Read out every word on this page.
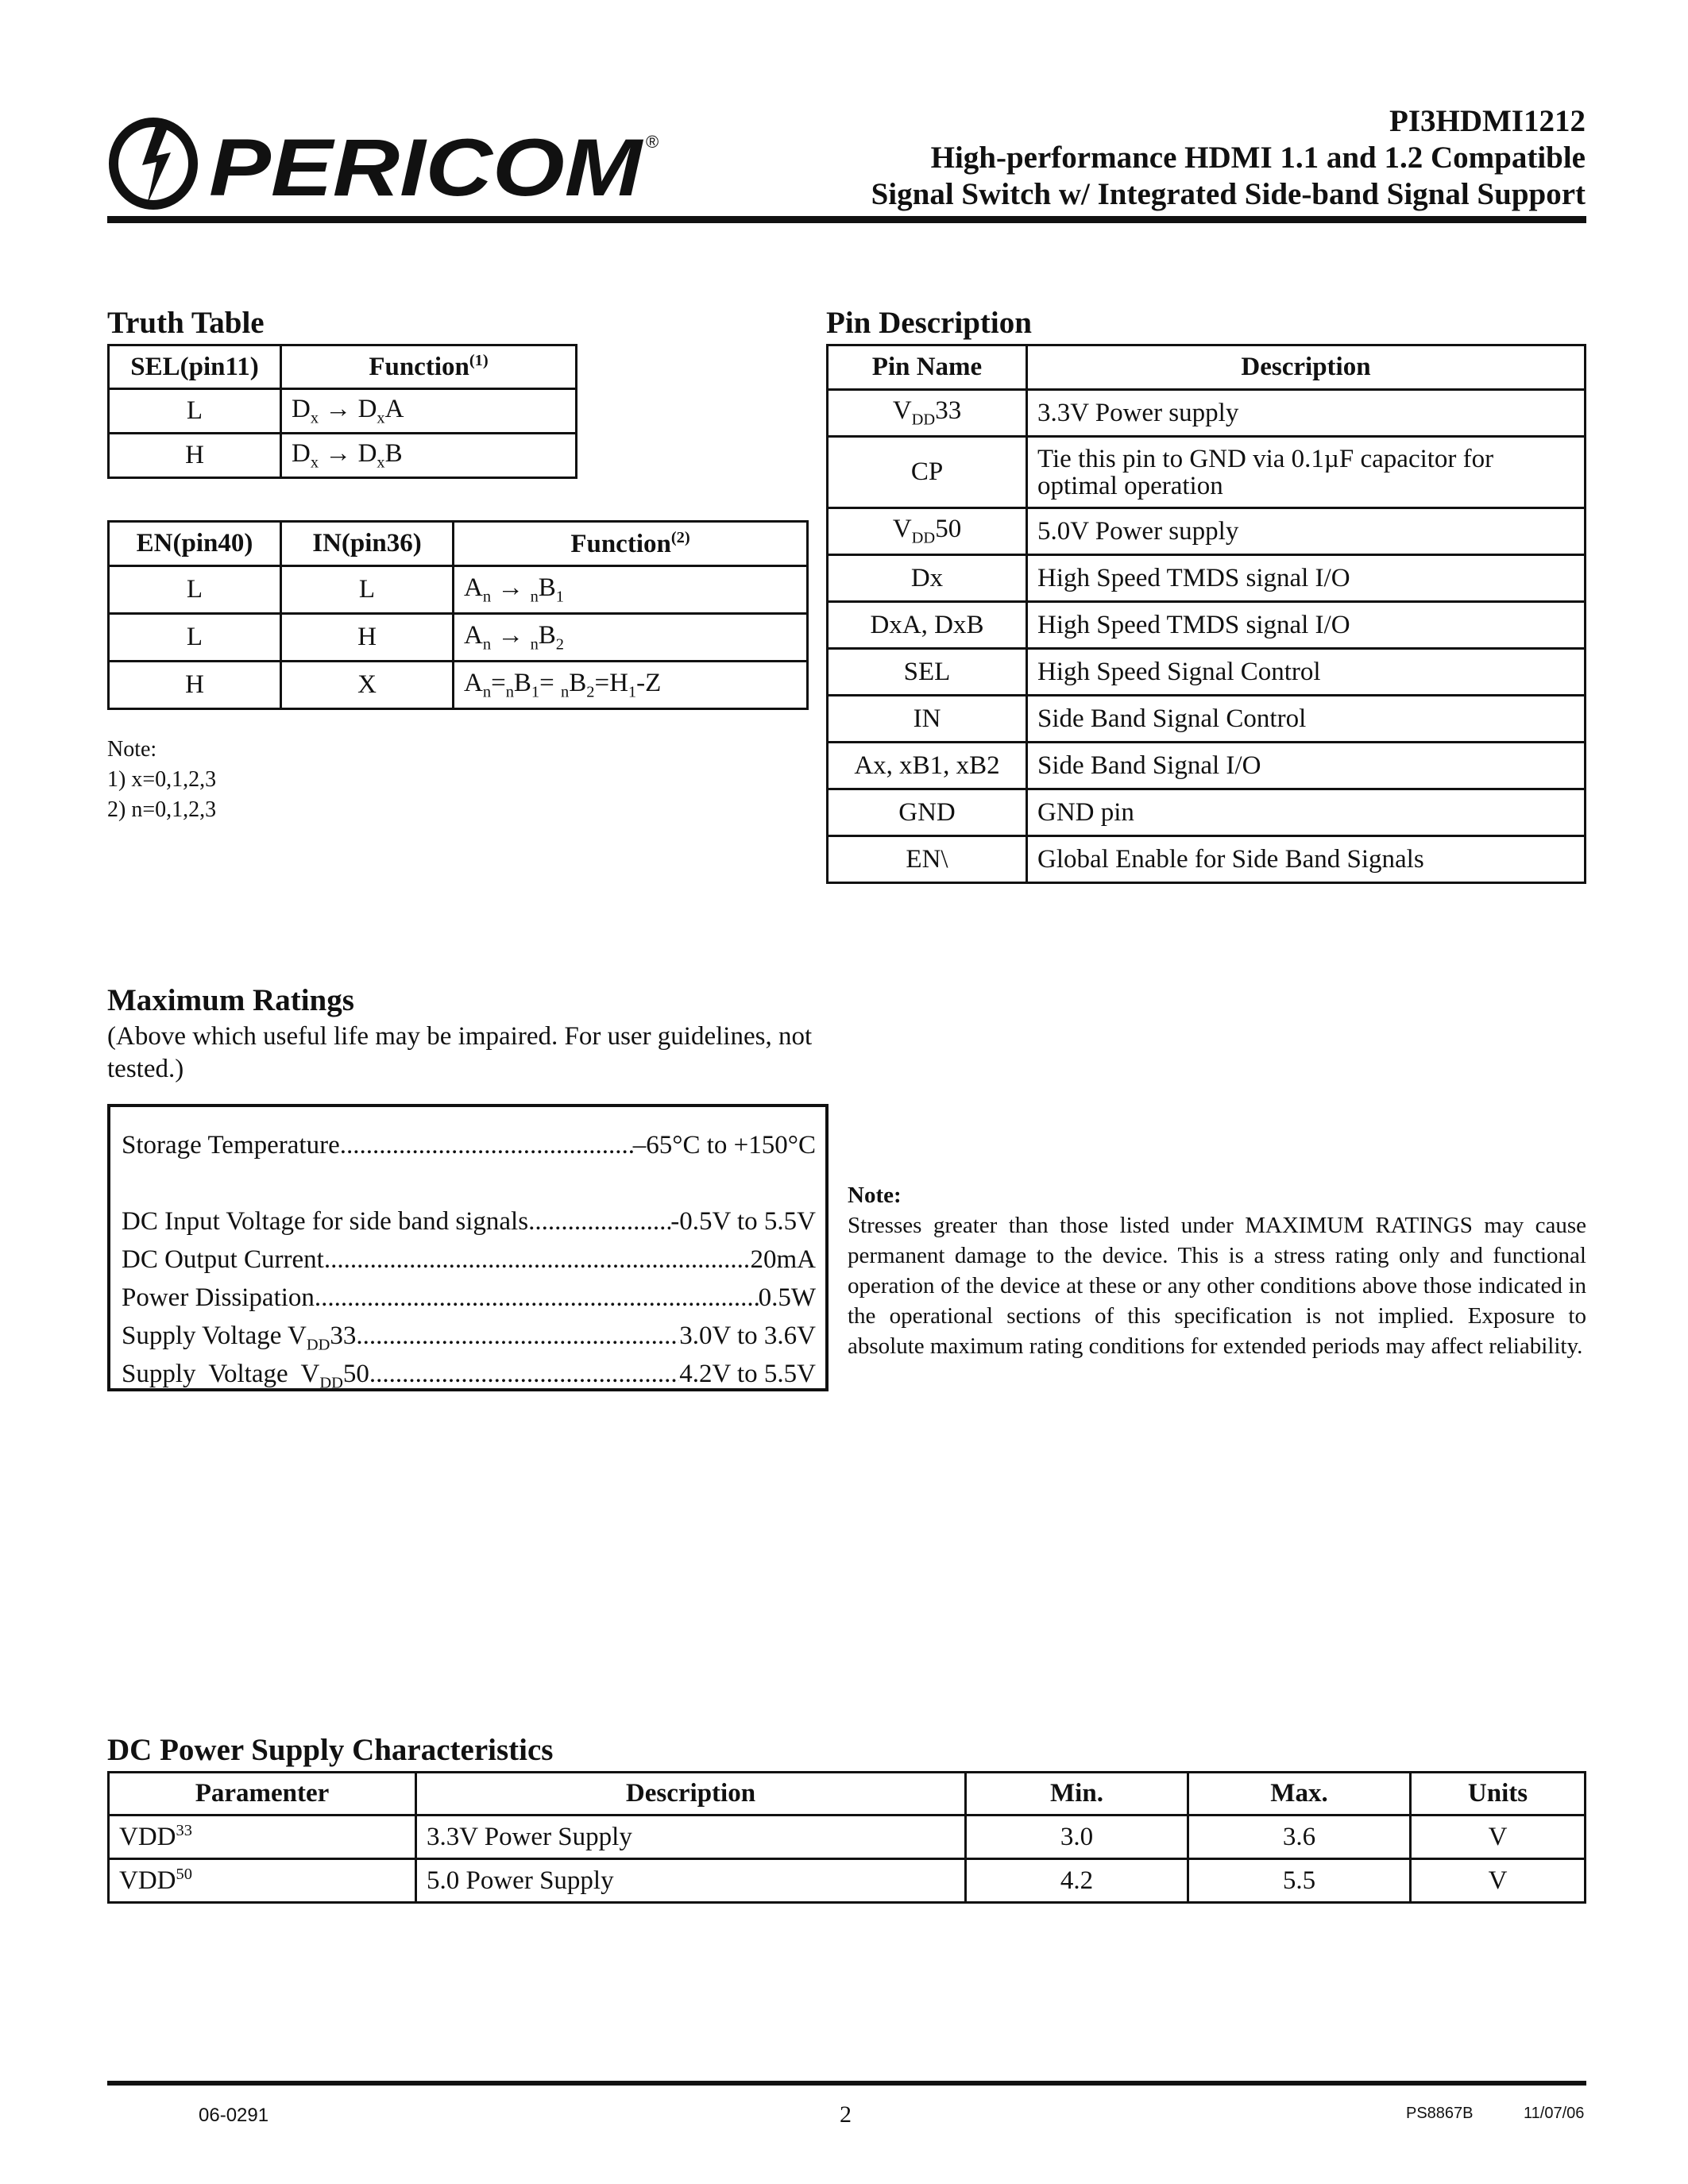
PERICOM ®
PI3HDMI1212
High-performance HDMI 1.1 and 1.2 Compatible
Signal Switch w/ Integrated Side-band Signal Support
Truth Table
SEL(pin11)	Function$^{(1)}$
L	$D_x \to D_xA$
H	$D_x \to D_xB$
EN(pin40)	IN(pin36)	Function$^{(2)}$
L	L	$A_n \to _nB_1$
L	H	$A_n \to _nB_2$
H	X	$A_n=_nB_1= _nB_2=H_1-Z$
Note:
1) x=0,1,2,3
2) n=0,1,2,3
Pin Description
Pin Name	Description
$V_{DD}33$	3.3V Power supply
CP	Tie this pin to GND via 0.1µF capacitor for optimal operation
$V_{DD}50$	5.0V Power supply
Dx	High Speed TMDS signal I/O
DxA, DxB	High Speed TMDS signal I/O
SEL	High Speed Signal Control
IN	Side Band Signal Control
Ax, xB1, xB2	Side Band Signal I/O
GND	GND pin
EN\	Global Enable for Side Band Signals
Maximum Ratings
(Above which useful life may be impaired. For user guidelines, not tested.)
Storage Temperature .....	–65°C to +150°C
DC Input Voltage for side band signals .....	-0.5V to 5.5V
DC Output Current .....	20mA
Power Dissipation .....	0.5W
Supply Voltage $V_{DD}33$ .....	3.0V to 3.6V
Supply  Voltage  $V_{DD}50$ .....	4.2V to 5.5V
Note:
Stresses greater than those listed under MAXIMUM RATINGS may cause permanent damage to the device. This is a stress rating only and functional operation of the device at these or any other conditions above those indicated in the operational sections of this specification is not implied. Exposure to absolute maximum rating conditions for extended periods may affect reliability.
DC Power Supply Characteristics
Paramenter	Description	Min.	Max.	Units
VDD$^{33}$	3.3V Power Supply	3.0	3.6	V
VDD$^{50}$	5.0 Power Supply	4.2	5.5	V
06-0291	2	PS8867B	11/07/06
